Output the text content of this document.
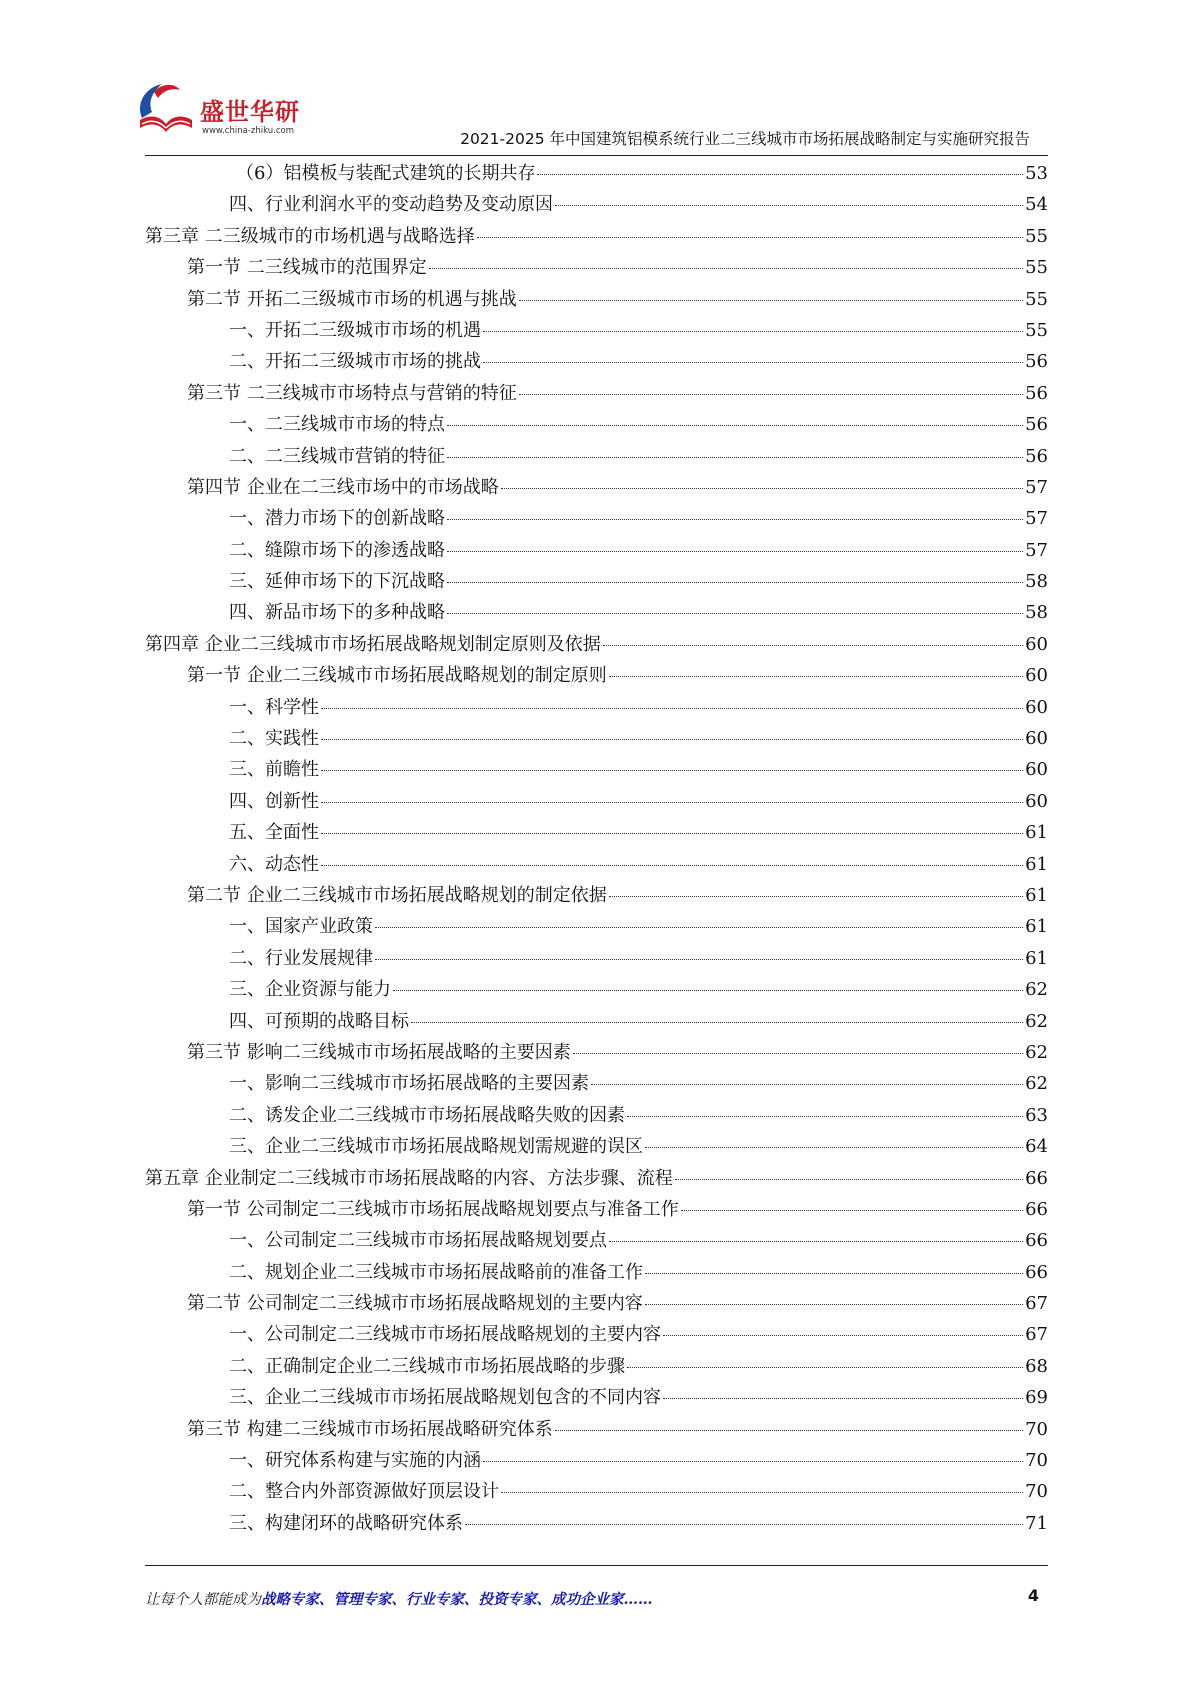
盛世华研
www.china-zhiku.com	2021-2025 年中国建筑铝模系统行业二三线城市市场拓展战略制定与实施研究报告
（6）铝模板与装配式建筑的长期共存	53
四、行业利润水平的变动趋势及变动原因	54
第三章 二三级城市的市场机遇与战略选择	55
第一节 二三线城市的范围界定	55
第二节 开拓二三级城市市场的机遇与挑战	55
一、开拓二三级城市市场的机遇	55
二、开拓二三级城市市场的挑战	56
第三节 二三线城市市场特点与营销的特征	56
一、二三线城市市场的特点	56
二、二三线城市营销的特征	56
第四节 企业在二三线市场中的市场战略	57
一、潜力市场下的创新战略	57
二、缝隙市场下的渗透战略	57
三、延伸市场下的下沉战略	58
四、新品市场下的多种战略	58
第四章 企业二三线城市市场拓展战略规划制定原则及依据	60
第一节 企业二三线城市市场拓展战略规划的制定原则	60
一、科学性	60
二、实践性	60
三、前瞻性	60
四、创新性	60
五、全面性	61
六、动态性	61
第二节 企业二三线城市市场拓展战略规划的制定依据	61
一、国家产业政策	61
二、行业发展规律	61
三、企业资源与能力	62
四、可预期的战略目标	62
第三节 影响二三线城市市场拓展战略的主要因素	62
一、影响二三线城市市场拓展战略的主要因素	62
二、诱发企业二三线城市市场拓展战略失败的因素	63
三、企业二三线城市市场拓展战略规划需规避的误区	64
第五章 企业制定二三线城市市场拓展战略的内容、方法步骤、流程	66
第一节 公司制定二三线城市市场拓展战略规划要点与准备工作	66
一、公司制定二三线城市市场拓展战略规划要点	66
二、规划企业二三线城市市场拓展战略前的准备工作	66
第二节 公司制定二三线城市市场拓展战略规划的主要内容	67
一、公司制定二三线城市市场拓展战略规划的主要内容	67
二、正确制定企业二三线城市市场拓展战略的步骤	68
三、企业二三线城市市场拓展战略规划包含的不同内容	69
第三节 构建二三线城市市场拓展战略研究体系	70
一、研究体系构建与实施的内涵	70
二、整合内外部资源做好顶层设计	70
三、构建闭环的战略研究体系	71
让每个人都能成为战略专家、管理专家、行业专家、投资专家、成功企业家……	4
